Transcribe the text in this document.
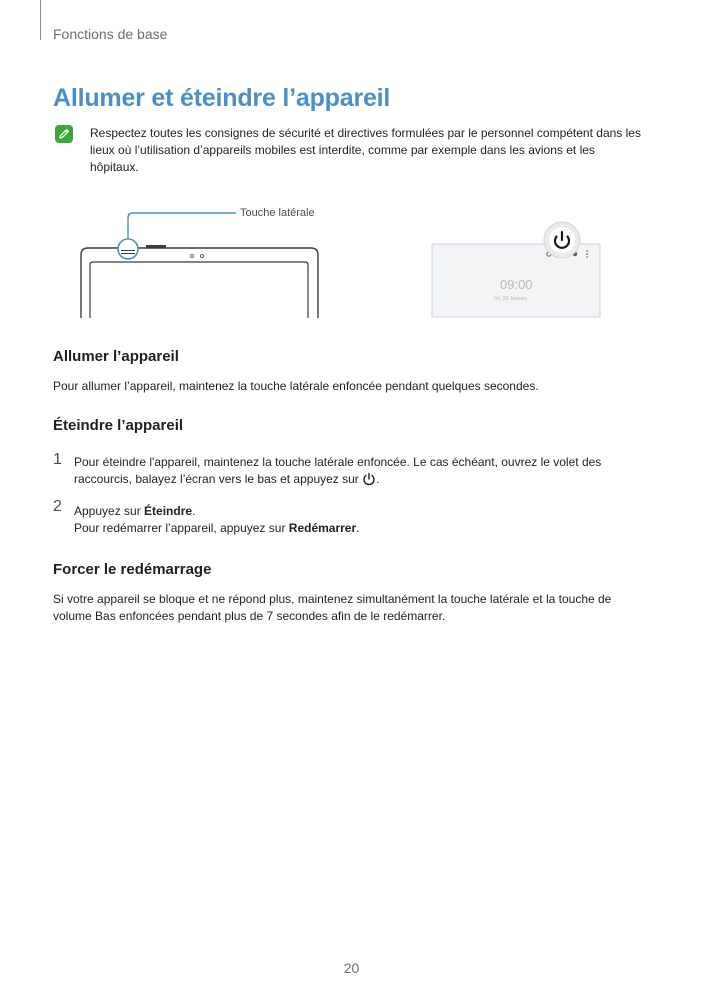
Fonctions de base
Allumer et éteindre l’appareil
Respectez toutes les consignes de sécurité et directives formulées par le personnel compétent dans les lieux où l’utilisation d’appareils mobiles est interdite, comme par exemple dans les avions et les hôpitaux.
09:00
Fri, 28 January
Touche latérale
Allumer l’appareil
Pour allumer l’appareil, maintenez la touche latérale enfoncée pendant quelques secondes.
Éteindre l’appareil
1 Pour éteindre l'appareil, maintenez la touche latérale enfoncée. Le cas échéant, ouvrez le volet des raccourcis, balayez l’écran vers le bas et appuyez sur .
2 Appuyez sur Éteindre.
Pour redémarrer l’appareil, appuyez sur Redémarrer.
Forcer le redémarrage
Si votre appareil se bloque et ne répond plus, maintenez simultanément la touche latérale et la touche de volume Bas enfoncées pendant plus de 7 secondes afin de le redémarrer.
20
